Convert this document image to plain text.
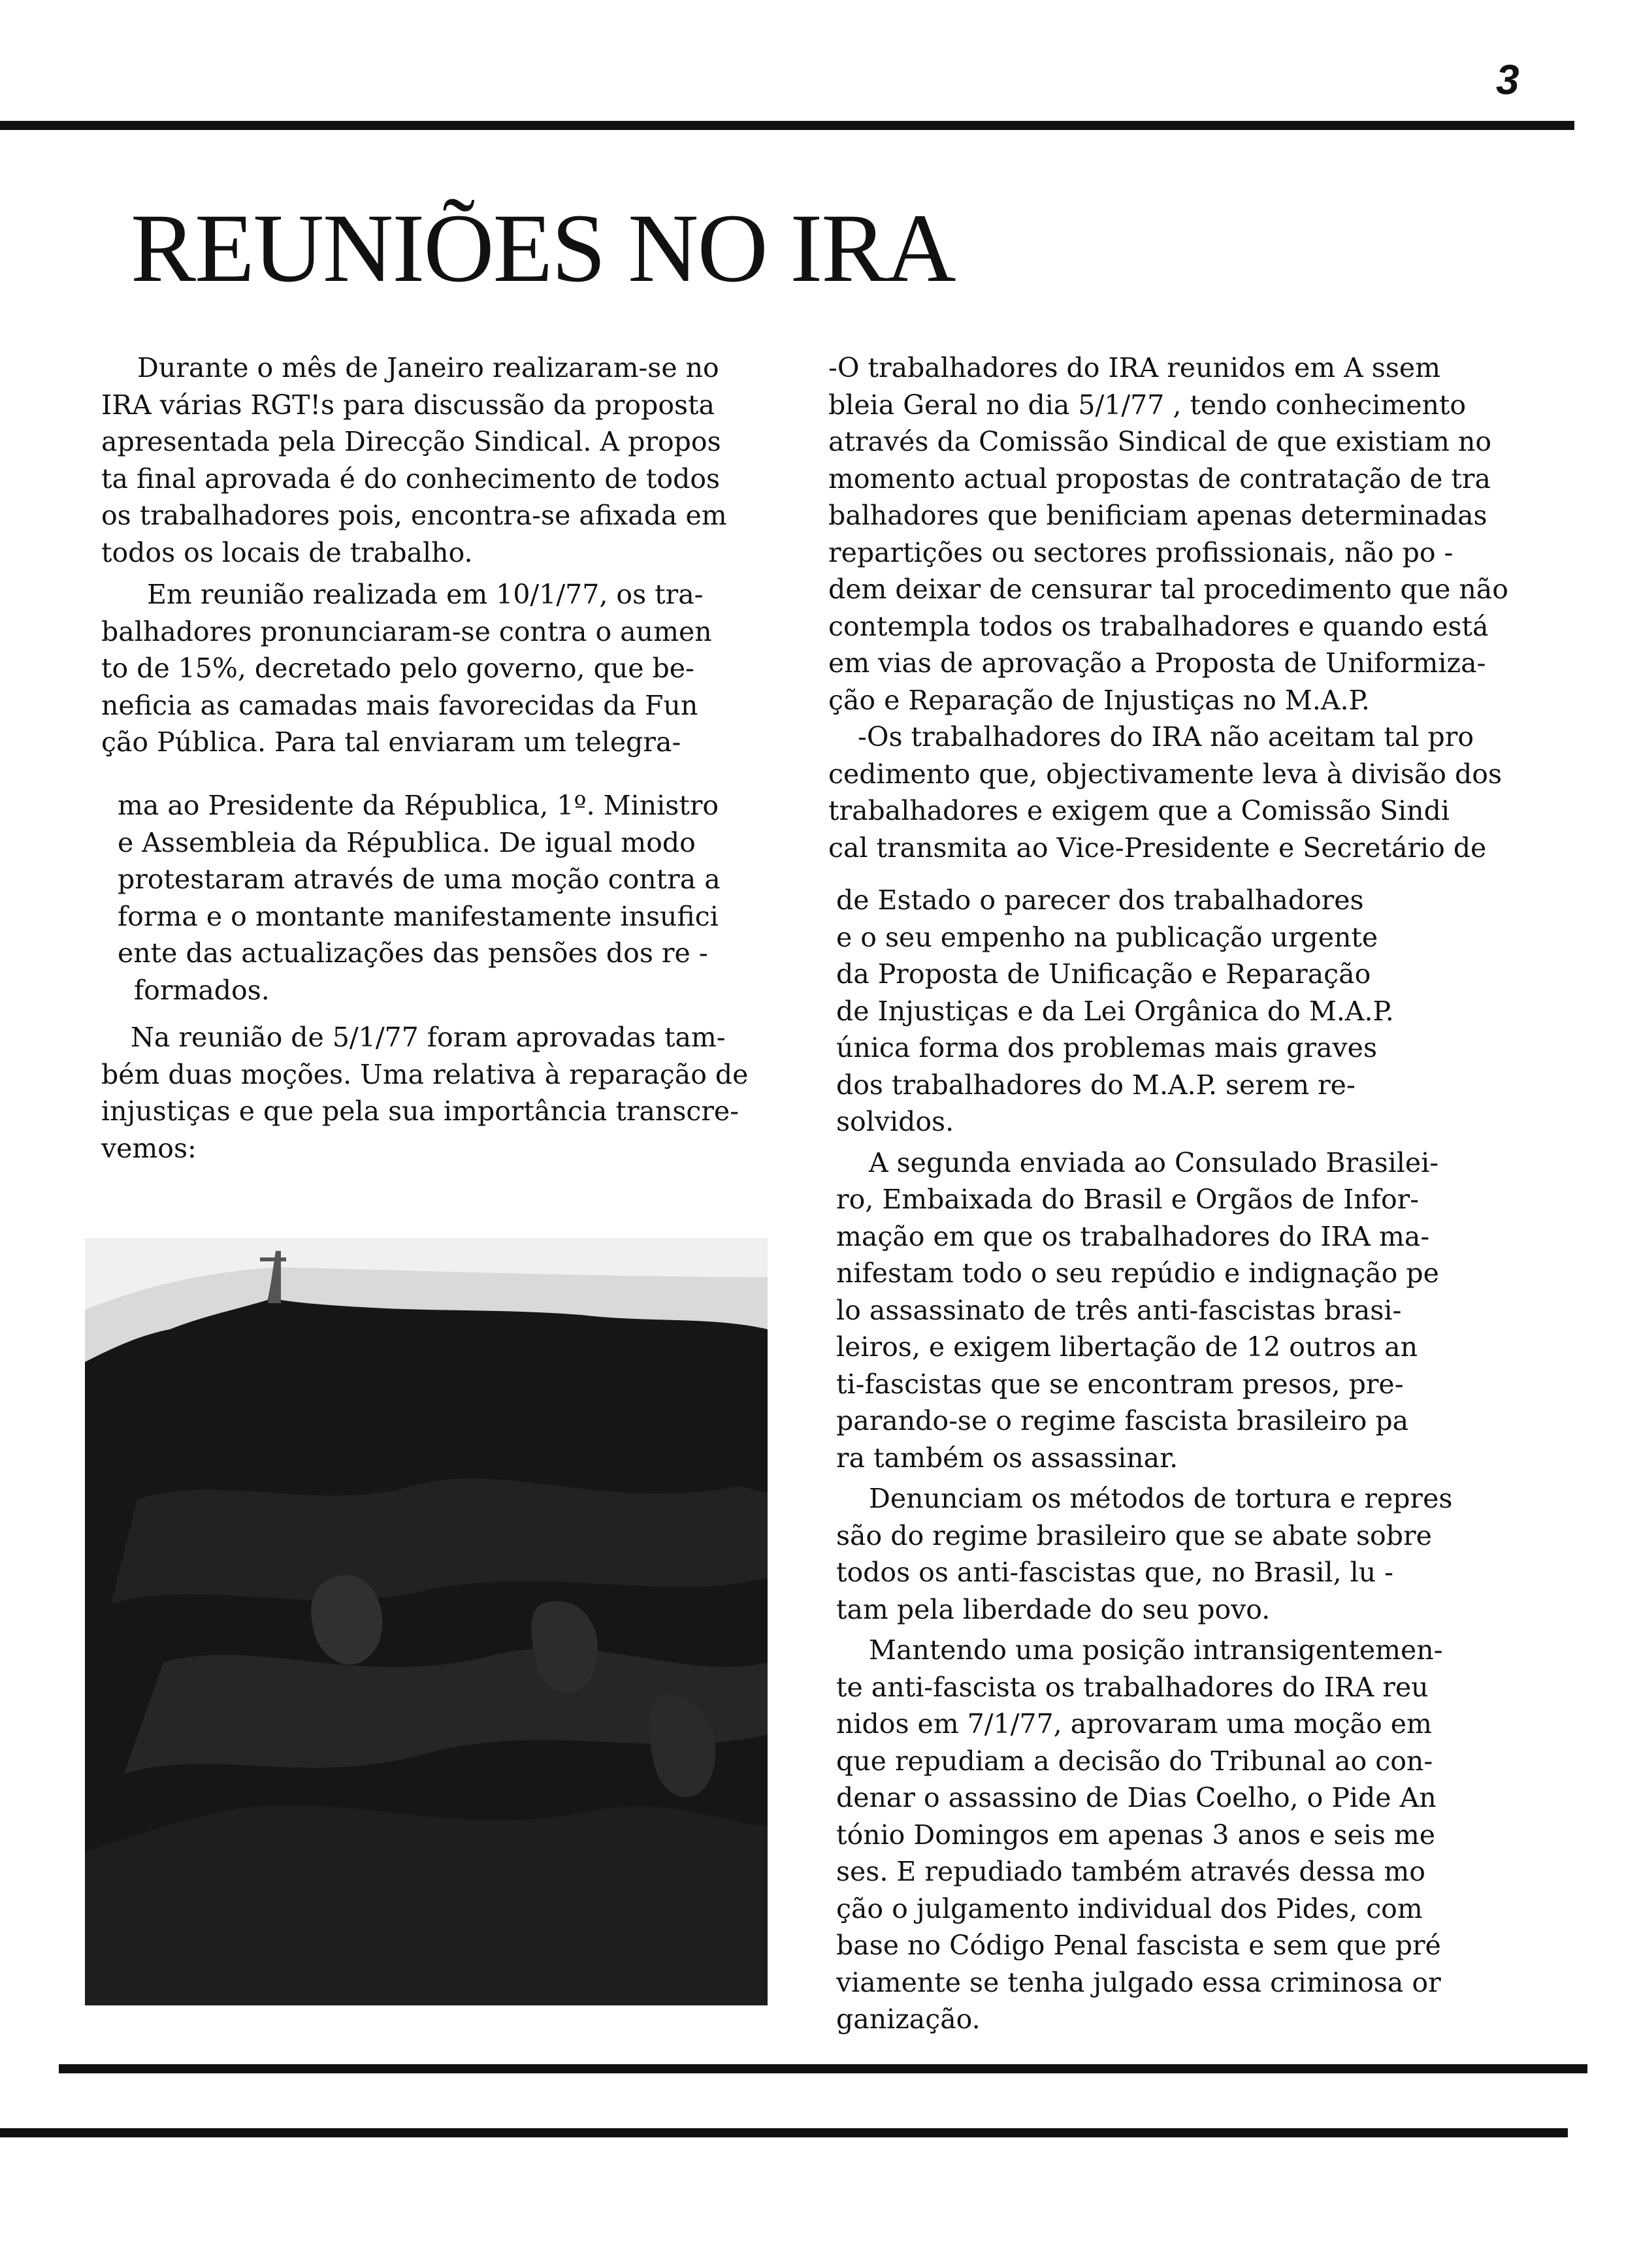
3
REUNIÕES NO IRA

Durante o mês de Janeiro realizaram-se no

IRA várias RGT!s para discussão da proposta

apresentada pela Direcção Sindical. A propos

ta final aprovada é do conhecimento de todos

os trabalhadores pois, encontra-se afixada em

todos os locais de trabalho.

Em reunião realizada em 10/1/77, os tra-

balhadores pronunciaram-se contra o aumen

to de 15%, decretado pelo governo, que be-

neficia as camadas mais favorecidas da Fun

ção Pública. Para tal enviaram um telegra-

ma ao Presidente da Républica, 1º. Ministro

e Assembleia da Républica. De igual modo

protestaram através de uma moção contra a

forma e o montante manifestamente insufici

ente das actualizações das pensões dos re -

formados.

Na reunião de 5/1/77 foram aprovadas tam-

bém duas moções. Uma relativa à reparação de

injustiças e que pela sua importância transcre-

vemos:

-O trabalhadores do IRA reunidos em A ssem

bleia Geral no dia 5/1/77 , tendo conhecimento

através da Comissão Sindical de que existiam no

momento actual propostas de contratação de tra

balhadores que benificiam apenas determinadas

repartições ou sectores profissionais, não po -

dem deixar de censurar tal procedimento que não

contempla todos os trabalhadores e quando está

em vias de aprovação a Proposta de Uniformiza-

ção e Reparação de Injustiças no M.A.P.

-Os trabalhadores do IRA não aceitam tal pro

cedimento que, objectivamente leva à divisão dos

trabalhadores e exigem que a Comissão Sindi

cal transmita ao Vice-Presidente e Secretário de

de Estado o parecer dos trabalhadores

e o seu empenho na publicação urgente

da Proposta de Unificação e Reparação

de Injustiças e da Lei Orgânica do M.A.P.

única forma dos problemas mais graves

dos trabalhadores do M.A.P. serem re-

solvidos.

A segunda enviada ao Consulado Brasilei-

ro, Embaixada do Brasil e Orgãos de Infor-

mação em que os trabalhadores do IRA ma-

nifestam todo o seu repúdio e indignação pe

lo assassinato de três anti-fascistas brasi-

leiros, e exigem libertação de 12 outros an

ti-fascistas que se encontram presos, pre-

parando-se o regime fascista brasileiro pa

ra também os assassinar.

Denunciam os métodos de tortura e repres

são do regime brasileiro que se abate sobre

todos os anti-fascistas que, no Brasil, lu -

tam pela liberdade do seu povo.

Mantendo uma posição intransigentemen-

te anti-fascista os trabalhadores do IRA reu

nidos em 7/1/77, aprovaram uma moção em

que repudiam a decisão do Tribunal ao con-

denar o assassino de Dias Coelho, o Pide An

tónio Domingos em apenas 3 anos e seis me

ses. E repudiado também através dessa mo

ção o julgamento individual dos Pides, com

base no Código Penal fascista e sem que pré

viamente se tenha julgado essa criminosa or

ganização.
